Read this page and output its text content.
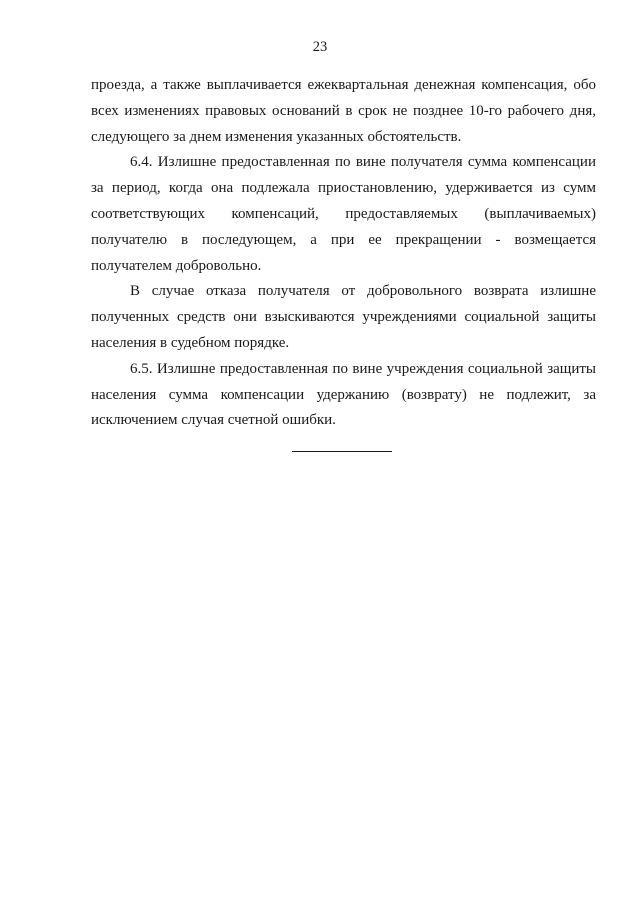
23
проезда, а также выплачивается ежеквартальная денежная компенсация, обо
всех изменениях правовых оснований в срок не позднее 10-го рабочего дня,
следующего за днем изменения указанных обстоятельств.
6.4. Излишне предоставленная по вине получателя сумма компенсации
за период, когда она подлежала приостановлению, удерживается из сумм
соответствующих компенсаций, предоставляемых (выплачиваемых)
получателю в последующем, а при ее прекращении - возмещается
получателем добровольно.
В случае отказа получателя от добровольного возврата излишне
полученных средств они взыскиваются учреждениями социальной защиты
населения в судебном порядке.
6.5. Излишне предоставленная по вине учреждения социальной защиты
населения сумма компенсации удержанию (возврату) не подлежит, за
исключением случая счетной ошибки.
